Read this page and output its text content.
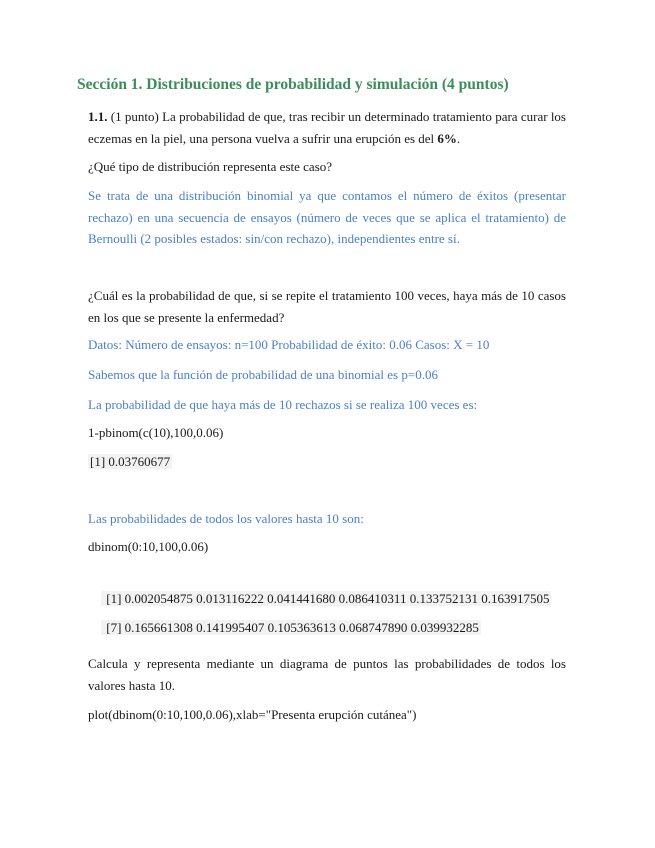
Sección 1. Distribuciones de probabilidad y simulación (4 puntos)
1.1. (1 punto) La probabilidad de que, tras recibir un determinado tratamiento para curar los eczemas en la piel, una persona vuelva a sufrir una erupción es del 6%.
¿Qué tipo de distribución representa este caso?
Se trata de una distribución binomial ya que contamos el número de éxitos (presentar rechazo) en una secuencia de ensayos (número de veces que se aplica el tratamiento) de Bernoulli (2 posibles estados: sin/con rechazo), independientes entre sí.
¿Cuál es la probabilidad de que, si se repite el tratamiento 100 veces, haya más de 10 casos en los que se presente la enfermedad?
Datos: Número de ensayos: n=100 Probabilidad de éxito: 0.06 Casos: X = 10
Sabemos que la función de probabilidad de una binomial es p=0.06
La probabilidad de que haya más de 10 rechazos si se realiza 100 veces es:
1-pbinom(c(10),100,0.06)
[1] 0.03760677
Las probabilidades de todos los valores hasta 10 son:
dbinom(0:10,100,0.06)

[1] 0.002054875 0.013116222 0.041441680 0.086410311 0.133752131 0.163917505

[7] 0.165661308 0.141995407 0.105363613 0.068747890 0.039932285

Calcula y representa mediante un diagrama de puntos las probabilidades de todos los valores hasta 10.
plot(dbinom(0:10,100,0.06),xlab="Presenta erupción cutánea")
